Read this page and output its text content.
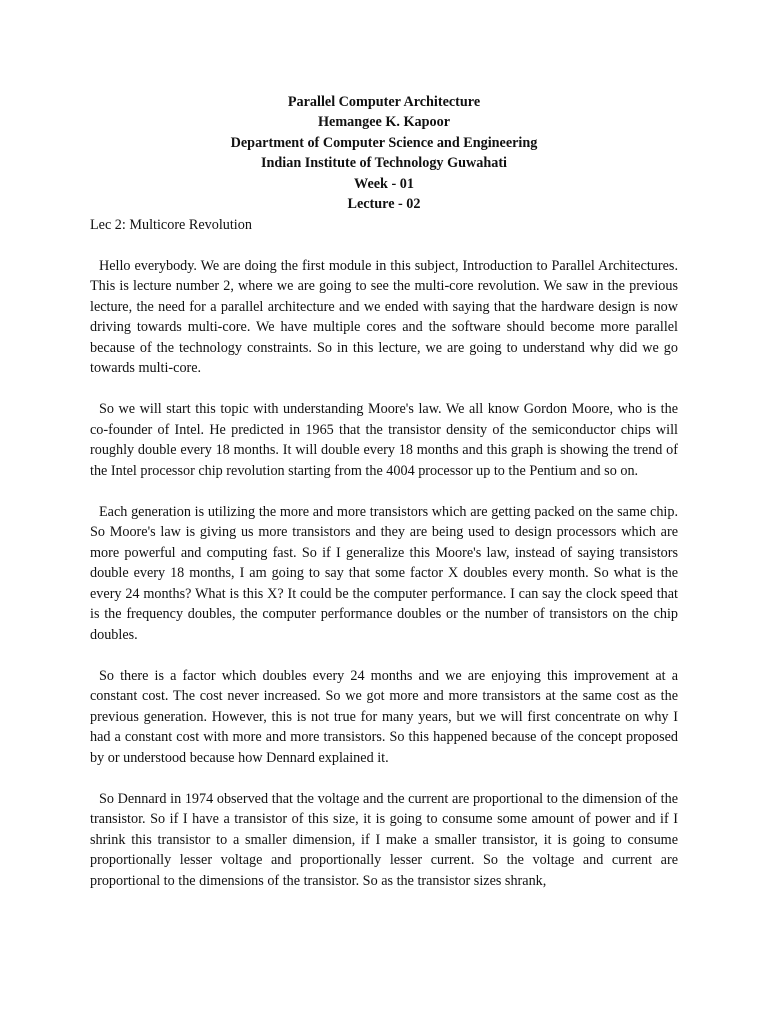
Parallel Computer Architecture
Hemangee K. Kapoor
Department of Computer Science and Engineering
Indian Institute of Technology Guwahati
Week - 01
Lecture - 02
Lec 2: Multicore Revolution

Hello everybody. We are doing the first module in this subject, Introduction to Parallel Architectures. This is lecture number 2, where we are going to see the multi-core revolution. We saw in the previous lecture, the need for a parallel architecture and we ended with saying that the hardware design is now driving towards multi-core. We have multiple cores and the software should become more parallel because of the technology constraints. So in this lecture, we are going to understand why did we go towards multi-core.

So we will start this topic with understanding Moore's law. We all know Gordon Moore, who is the co-founder of Intel. He predicted in 1965 that the transistor density of the semiconductor chips will roughly double every 18 months. It will double every 18 months and this graph is showing the trend of the Intel processor chip revolution starting from the 4004 processor up to the Pentium and so on.

Each generation is utilizing the more and more transistors which are getting packed on the same chip. So Moore's law is giving us more transistors and they are being used to design processors which are more powerful and computing fast. So if I generalize this Moore's law, instead of saying transistors double every 18 months, I am going to say that some factor X doubles every month. So what is the every 24 months? What is this X? It could be the computer performance. I can say the clock speed that is the frequency doubles, the computer performance doubles or the number of transistors on the chip doubles.

So there is a factor which doubles every 24 months and we are enjoying this improvement at a constant cost. The cost never increased. So we got more and more transistors at the same cost as the previous generation. However, this is not true for many years, but we will first concentrate on why I had a constant cost with more and more transistors. So this happened because of the concept proposed by or understood because how Dennard explained it.

So Dennard in 1974 observed that the voltage and the current are proportional to the dimension of the transistor. So if I have a transistor of this size, it is going to consume some amount of power and if I shrink this transistor to a smaller dimension, if I make a smaller transistor, it is going to consume proportionally lesser voltage and proportionally lesser current. So the voltage and current are proportional to the dimensions of the transistor. So as the transistor sizes shrank,
